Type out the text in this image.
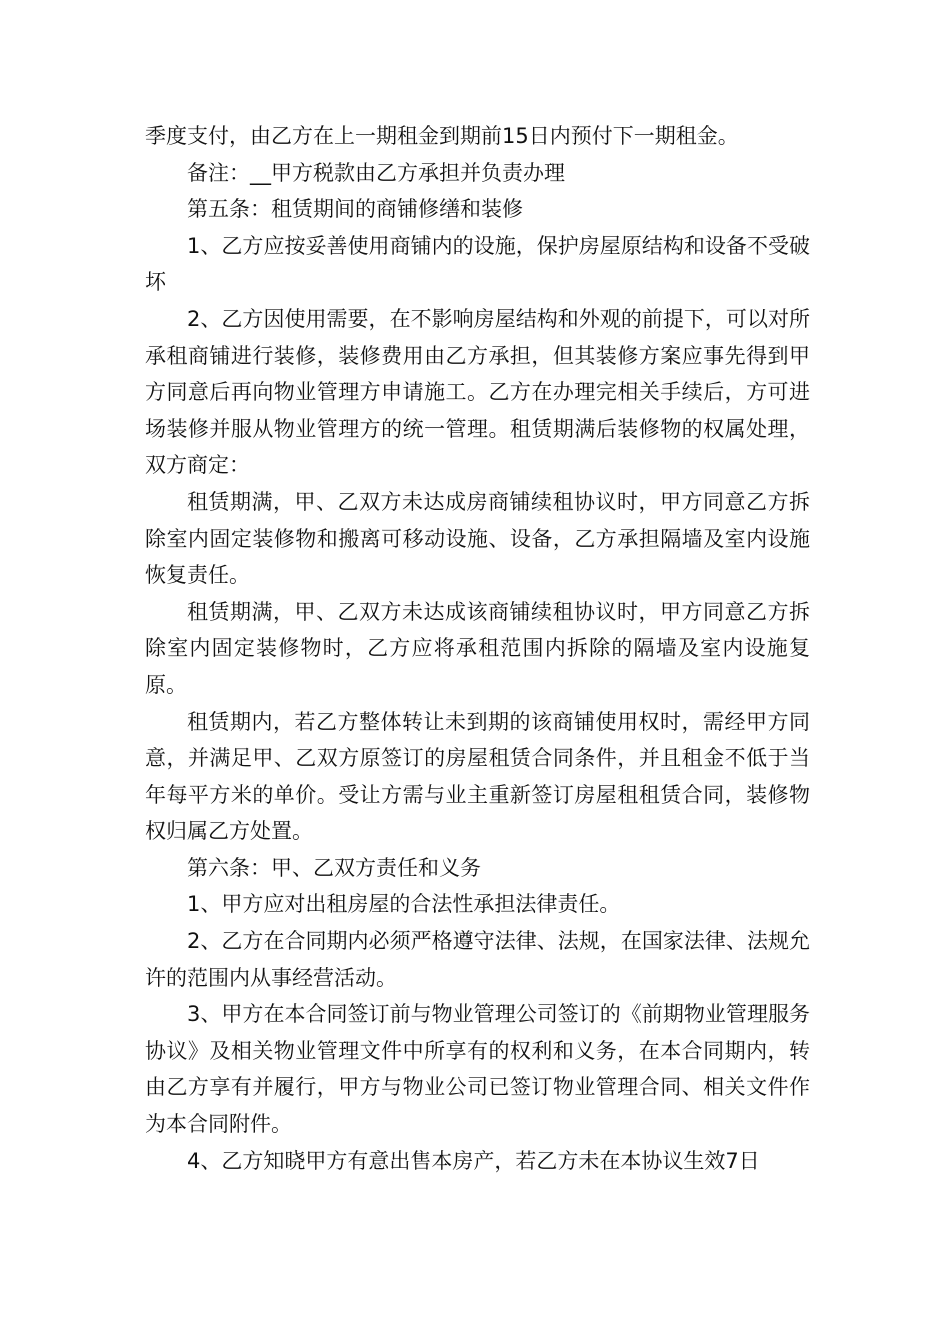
季度支付，由乙方在上一期租金到期前15日内预付下一期租金。

备注：__甲方税款由乙方承担并负责办理

第五条：租赁期间的商铺修缮和装修

1、乙方应按妥善使用商铺内的设施，保护房屋原结构和设备不受破坏

2、乙方因使用需要，在不影响房屋结构和外观的前提下，可以对所承租商铺进行装修，装修费用由乙方承担，但其装修方案应事先得到甲方同意后再向物业管理方申请施工。乙方在办理完相关手续后，方可进场装修并服从物业管理方的统一管理。租赁期满后装修物的权属处理，双方商定：

租赁期满，甲、乙双方未达成房商铺续租协议时，甲方同意乙方拆除室内固定装修物和搬离可移动设施、设备，乙方承担隔墙及室内设施恢复责任。

租赁期满，甲、乙双方未达成该商铺续租协议时，甲方同意乙方拆除室内固定装修物时，乙方应将承租范围内拆除的隔墙及室内设施复原。

租赁期内，若乙方整体转让未到期的该商铺使用权时，需经甲方同意，并满足甲、乙双方原签订的房屋租赁合同条件，并且租金不低于当年每平方米的单价。受让方需与业主重新签订房屋租租赁合同，装修物权归属乙方处置。

第六条：甲、乙双方责任和义务

1、甲方应对出租房屋的合法性承担法律责任。

2、乙方在合同期内必须严格遵守法律、法规，在国家法律、法规允许的范围内从事经营活动。

3、甲方在本合同签订前与物业管理公司签订的《前期物业管理服务协议》及相关物业管理文件中所享有的权利和义务，在本合同期内，转由乙方享有并履行，甲方与物业公司已签订物业管理合同、相关文件作为本合同附件。

4、乙方知晓甲方有意出售本房产，若乙方未在本协议生效7日
